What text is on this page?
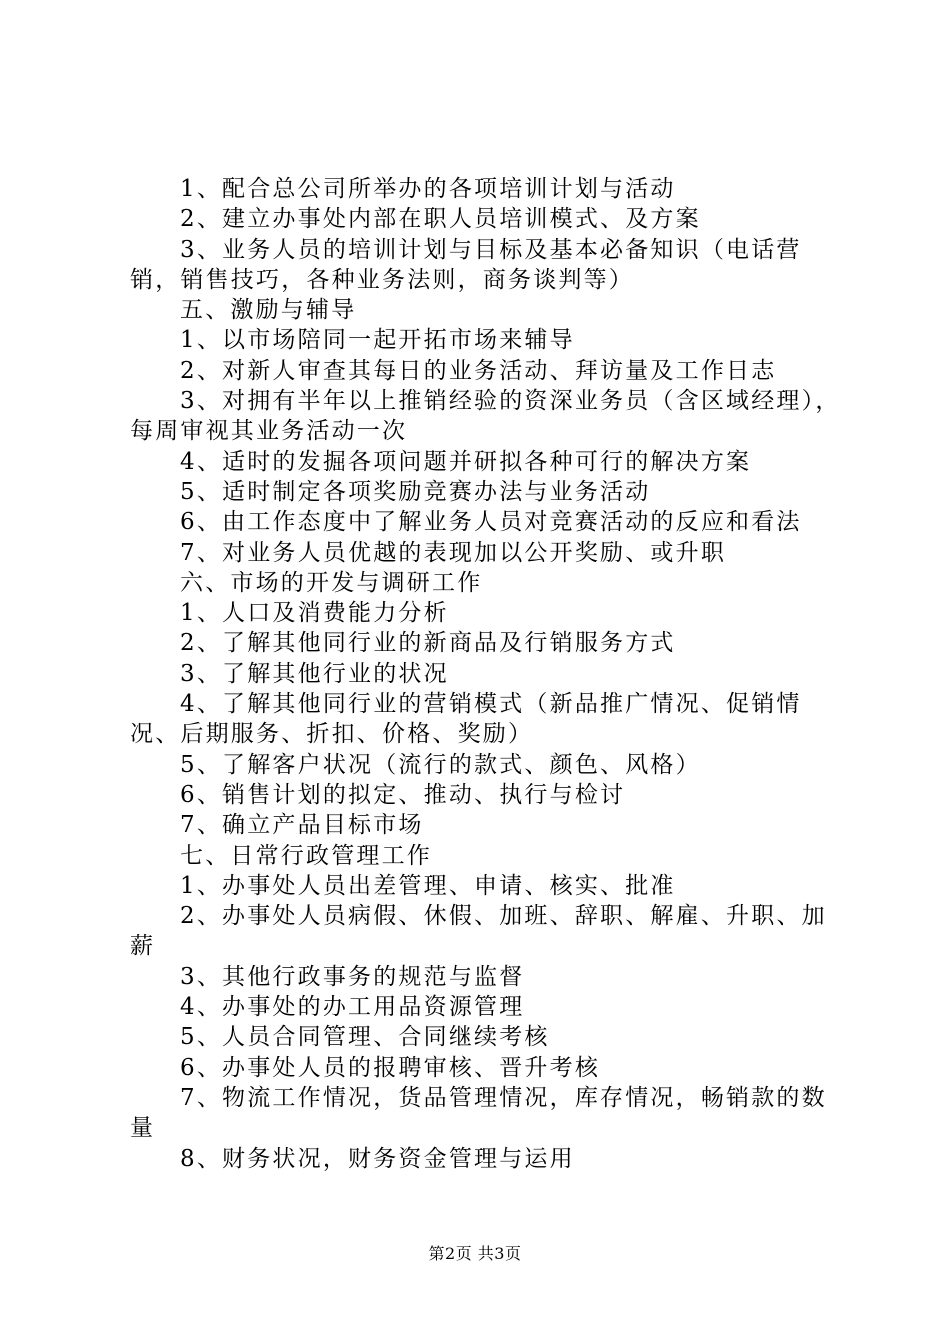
1、配合总公司所举办的各项培训计划与活动

2、建立办事处内部在职人员培训模式、及方案

3、业务人员的培训计划与目标及基本必备知识（电话营销，销售技巧，各种业务法则，商务谈判等）

五、激励与辅导

1、以市场陪同一起开拓市场来辅导

2、对新人审查其每日的业务活动、拜访量及工作日志

3、对拥有半年以上推销经验的资深业务员（含区域经理），每周审视其业务活动一次

4、适时的发掘各项问题并研拟各种可行的解决方案

5、适时制定各项奖励竞赛办法与业务活动

6、由工作态度中了解业务人员对竞赛活动的反应和看法

7、对业务人员优越的表现加以公开奖励、或升职

六、市场的开发与调研工作

1、人口及消费能力分析

2、了解其他同行业的新商品及行销服务方式

3、了解其他行业的状况

4、了解其他同行业的营销模式（新品推广情况、促销情况、后期服务、折扣、价格、奖励）

5、了解客户状况（流行的款式、颜色、风格）

6、销售计划的拟定、推动、执行与检讨

7、确立产品目标市场

七、日常行政管理工作

1、办事处人员出差管理、申请、核实、批准

2、办事处人员病假、休假、加班、辞职、解雇、升职、加薪

3、其他行政事务的规范与监督

4、办事处的办工用品资源管理

5、人员合同管理、合同继续考核

6、办事处人员的报聘审核、晋升考核

7、物流工作情况，货品管理情况，库存情况，畅销款的数量

8、财务状况，财务资金管理与运用

第2页 共3页
